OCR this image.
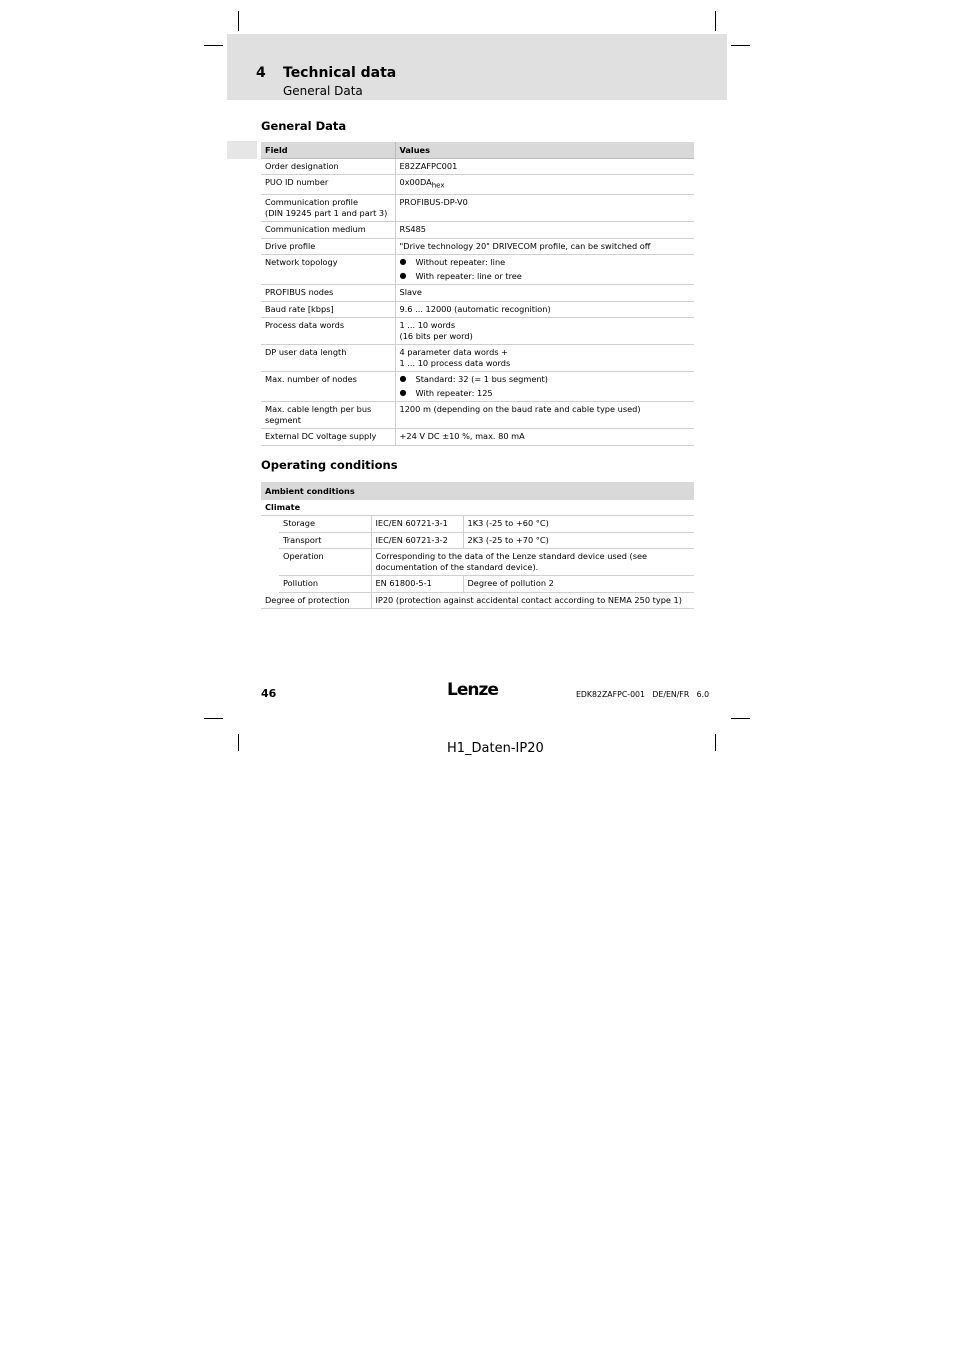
4 Technical data
General Data
General Data
Field	Values
Order designation	E82ZAFPC001
PUO ID number	$0x00DA_{hex}$
Communication profile
(DIN 19245 part 1 and part 3)	PROFIBUS-DP-V0
Communication medium	RS485
Drive profile	"Drive technology 20" DRIVECOM profile, can be switched off
Network topology	● Without repeater: line
● With repeater: line or tree

PROFIBUS nodes	Slave
Baud rate [kbps]	9.6 ... 12000 (automatic recognition)
Process data words	1 ... 10 words
(16 bits per word)
DP user data length	4 parameter data words +
1 ... 10 process data words
Max. number of nodes	● Standard: 32 (= 1 bus segment)
● With repeater: 125

Max. cable length per bus
segment	1200 m (depending on the baud rate and cable type used)
External DC voltage supply	+24 V DC ±10 %, max. 80 mA
Operating conditions
Ambient conditions			
Climate			
	Storage	IEC/EN 60721-3-1	1K3 (-25 to +60 °C)
	Transport	IEC/EN 60721-3-2	2K3 (-25 to +70 °C)
	Operation	Corresponding to the data of the Lenze standard device used (see
documentation of the standard device).	
	Pollution	EN 61800-5-1	Degree of pollution 2
Degree of protection		IP20 (protection against accidental contact according to NEMA 250 type 1)	
46	Lenze	EDK82ZAFPC-001   DE/EN/FR   6.0
H1_Daten-IP20
